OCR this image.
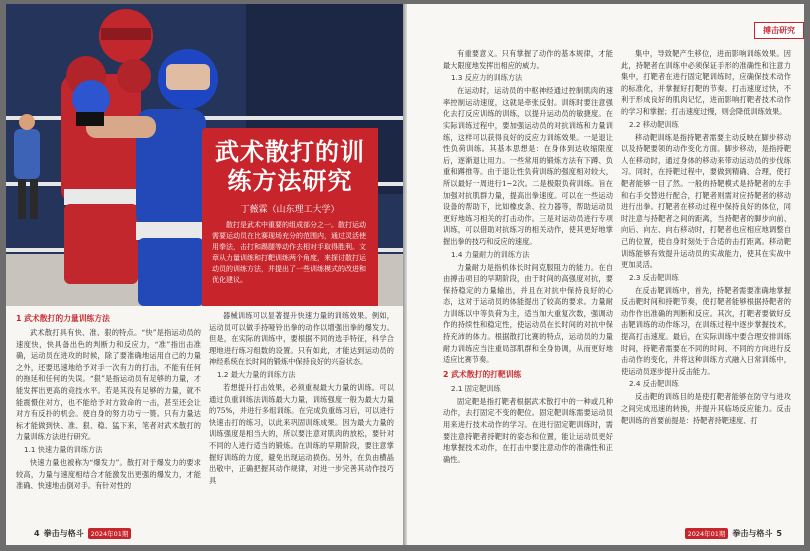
武术散打的训练方法研究
丁薇霖（山东理工大学）
散打是武术中重要的组成部分之一。散打运动需要运动员在比赛现场充分的范围内，通过灵活使用拳法，击打和踢腿等动作去相对手取得胜利。文章从力量训练和打靶训练两个角度，来探讨散打运动员的训练方法，并提出了一些训练模式的改进和优化建议。

1 武术散打的力量训练方法

武术散打具有快、准、狠的特点。“快”是指运动员的速度快，快具备出色的判断力和反应力，“准”指出击准确，运动员在进攻的时候，除了要准确地运用自己的力量之外，还要迅速地给予对手一次有力的打击，不能有任何的拖延和任何的失误。“狠”是指运动员有足够的力量，才能发挥出更高的竞技水平。若是其没有足够的力量，就不能震慑住对方，也不能给予对方致命的一击，甚至还会让对方有反扑的机会。使自身的努力功亏一篑。只有力量达标才能做到快、准、狠、稳、猛下来，笔者对武术散打的力量训练方法进行研究。

1.1 快速力量的训练方法

快速力量也被称为“爆发力”。散打对于爆发力的要求较高，力量与速度相结合才能激发出更强的爆发力，才能准确、快速地击倒对手。有针对性的

器械训练可以显著提升快速力量的训练效果。例如，运动员可以做手持哑铃出拳的动作以增强出拳的爆发力。但是，在实际的训练中，要根据不同的选手特征，科学合理地进行练习组数的设置。只有如此，才能达到运动员的神经系统在长时间的锻炼中保持良好的兴奋状态。

1.2 最大力量的训练方法

若想提升打击效果，必须重视最大力量的训练。可以通过负重训练法训练最大力量，训练强度一般为最大力量的75%，并进行多组训练。在完成负重练习后，可以进行快速击打的练习，以此来巩固训练成果。因为最大力量的训练强度是相当大的，所以要注意对肌肉的放松，要针对不同的人进行适当的锻炼。在训练的早期阶段，要注意掌握好训练的力度，避免出现运动损伤。另外，在负由横晶出敬中，正确把握其动作规律，对进一步完善其动作技巧具

4 拳击与格斗	2024年01期
搏击研究

有重要意义。只有掌握了动作的基本规律，才能最大限度地发挥出相应的威力。

1.3 反应力的训练方法

在运动时，运动员的中枢神经通过控制肌肉的速率控制运动速度，这就是牵张反射。训练时要注意强化去打反应训练的训练，以提升运动员的敏捷度。在实际训练过程中，要加强运动员的对抗训练和力量训练，这样可以获得良好的反应力训练效果。一是退让性负荷训练。其基本思想是：在身体到达收缩限度后，逐渐退让用力。一些常用的锻炼方法有下蹲、负重和蹲推等。由于退让性负荷训练的强度相对较大，所以最好一周进行1~2次。二是极限负荷训练。旨在加强对抗肌群力量，提高出拳速度。可以在一些运动设备的帮助下，比如橡皮条、拉力器等，帮助运动员更好地练习相关的打击动作。三是对运动员进行专项训练，可以借助对抗练习的相关动作，使其更好地掌握出拳的技巧和反应的速度。

1.4 力量耐力的训练方法

力量耐力是指机体长时间克服阻力的能力。在自由搏击项目的早期阶段，由于时间的高强度对抗，要保持稳定的力量输出，并且在对抗中保持良好的心态，这对于运动员的体能提出了较高的要求。力量耐力训练以中等负荷为主，适当加大重复次数，强调动作的持续性和稳定性，使运动员在长时间的对抗中保持充沛的体力。根据散打比赛的特点，运动员的力量耐力训练应当注重局部肌群和全身协调，从而更好地适应比赛节奏。

2 武术散打的打靶训练

2.1 固定靶训练

固定靶是指打靶者根据武术散打中的一种或几种动作，去打固定不变的靶位。固定靶训练需要运动员用来进行技术动作的学习。在进行固定靶训练时，需要注意持靶者持靶时的姿态和位置，能让运动员更好地掌握技术动作，在打击中要注意动作的准确性和正确性。

集中，导致靶产生移位，进而影响训练效果。因此，持靶者在训练中必须保证手形的准确性和注意力集中，打靶者在进行固定靶训练时，应确保技术动作的标准化，并掌握好打靶的节奏。打击速度过快，不利于形成良好的肌肉记忆，进而影响打靶者技术动作的学习和掌握；打击速度过慢，则会降低训练效果。

2.2 移动靶训练

移动靶训练是指持靶者需要主动反映在脚步移动以及持靶要领的动作变化方面。脚步移动，是指持靶人在移动时，通过身体的移动来带动运动员的步伐练习。同时，在持靶过程中，要做到精确、合理，使打靶者能够一目了然。一般的持靶模式是持靶者的左手和右手交替进行配合，打靶者则需对应持靶者的移动进行出拳。打靶者在移动过程中保持良好的体位，同时注意与持靶者之间的距离，当持靶者的脚步向前、向后、向左、向右移动时，打靶者也应相应地调整自己的位置，使自身时刻处于合适的击打距离。移动靶训练能够有效提升运动员的实战能力，使其在实战中更加灵活。

2.3 反击靶训练

在反击靶训练中，首先，持靶者需要准确地掌握反击靶时间和持靶节奏，使打靶者能够根据持靶者的动作作出准确的判断和反应。其次，打靶者要做好反击靶训练的动作练习，在训练过程中逐步掌握技术，提高打击速度。最后，在实际训练中要合理安排训练时间，持靶者需要在不同的时间、不同的方向进行反击动作的变化，并将这种训练方式融入日常训练中，使运动员逐步提升反击能力。

2.4 反击靶训练

反击靶的训练目的是使打靶者能够在防守与进攻之间完成迅速的转换，并提升其临场反应能力。反击靶训练的首要前提是：持靶者持靶速度、打

2024年01期 拳击与格斗 5
